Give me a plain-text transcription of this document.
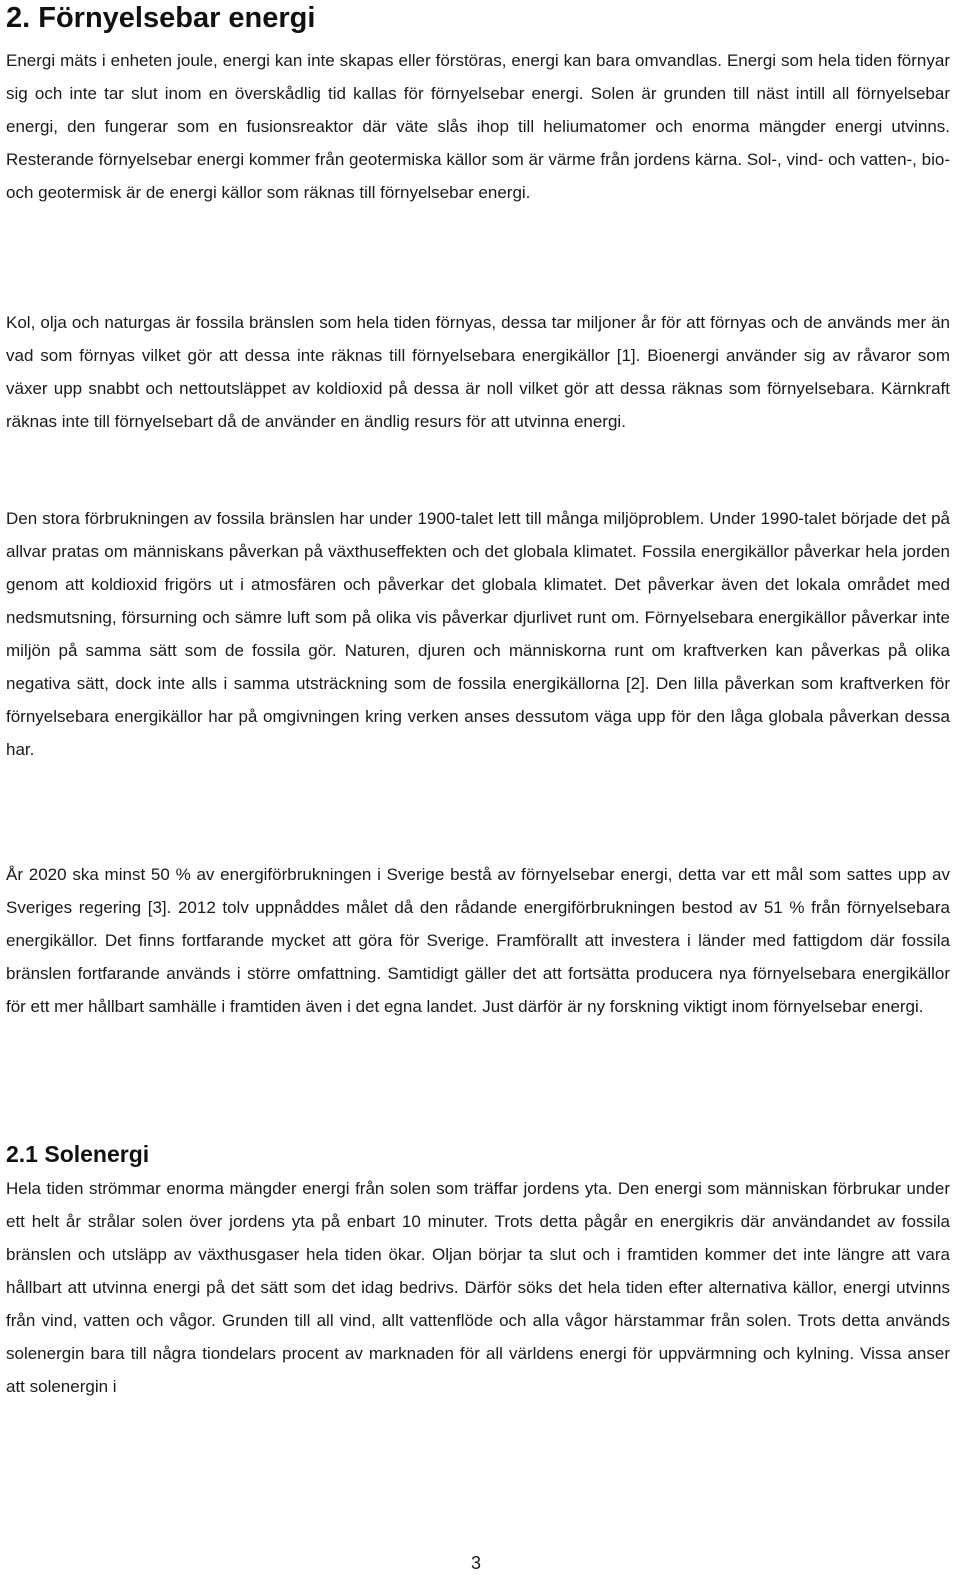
2. Förnyelsebar energi

Energi mäts i enheten joule, energi kan inte skapas eller förstöras, energi kan bara omvandlas. Energi som hela tiden förnyar sig och inte tar slut inom en överskådlig tid kallas för förnyelsebar energi. Solen är grunden till näst intill all förnyelsebar energi, den fungerar som en fusionsreaktor där väte slås ihop till heliumatomer och enorma mängder energi utvinns. Resterande förnyelsebar energi kommer från geotermiska källor som är värme från jordens kärna. Sol-, vind- och vatten-, bio- och geotermisk är de energi källor som räknas till förnyelsebar energi.

Kol, olja och naturgas är fossila bränslen som hela tiden förnyas, dessa tar miljoner år för att förnyas och de används mer än vad som förnyas vilket gör att dessa inte räknas till förnyelsebara energikällor [1]. Bioenergi använder sig av råvaror som växer upp snabbt och nettoutsläppet av koldioxid på dessa är noll vilket gör att dessa räknas som förnyelsebara. Kärnkraft räknas inte till förnyelsebart då de använder en ändlig resurs för att utvinna energi.

Den stora förbrukningen av fossila bränslen har under 1900-talet lett till många miljöproblem. Under 1990-talet började det på allvar pratas om människans påverkan på växthuseffekten och det globala klimatet. Fossila energikällor påverkar hela jorden genom att koldioxid frigörs ut i atmosfären och påverkar det globala klimatet. Det påverkar även det lokala området med nedsmutsning, försurning och sämre luft som på olika vis påverkar djurlivet runt om. Förnyelsebara energikällor påverkar inte miljön på samma sätt som de fossila gör. Naturen, djuren och människorna runt om kraftverken kan påverkas på olika negativa sätt, dock inte alls i samma utsträckning som de fossila energikällorna [2]. Den lilla påverkan som kraftverken för förnyelsebara energikällor har på omgivningen kring verken anses dessutom väga upp för den låga globala påverkan dessa har.

År 2020 ska minst 50 % av energiförbrukningen i Sverige bestå av förnyelsebar energi, detta var ett mål som sattes upp av Sveriges regering [3]. 2012 tolv uppnåddes målet då den rådande energiförbrukningen bestod av 51 % från förnyelsebara energikällor. Det finns fortfarande mycket att göra för Sverige. Framförallt att investera i länder med fattigdom där fossila bränslen fortfarande används i större omfattning. Samtidigt gäller det att fortsätta producera nya förnyelsebara energikällor för ett mer hållbart samhälle i framtiden även i det egna landet. Just därför är ny forskning viktigt inom förnyelsebar energi.

2.1 Solenergi

Hela tiden strömmar enorma mängder energi från solen som träffar jordens yta. Den energi som människan förbrukar under ett helt år strålar solen över jordens yta på enbart 10 minuter. Trots detta pågår en energikris där användandet av fossila bränslen och utsläpp av växthusgaser hela tiden ökar. Oljan börjar ta slut och i framtiden kommer det inte längre att vara hållbart att utvinna energi på det sätt som det idag bedrivs. Därför söks det hela tiden efter alternativa källor, energi utvinns från vind, vatten och vågor. Grunden till all vind, allt vattenflöde och alla vågor härstammar från solen. Trots detta används solenergin bara till några tiondelars procent av marknaden för all världens energi för uppvärmning och kylning. Vissa anser att solenergin i

3
